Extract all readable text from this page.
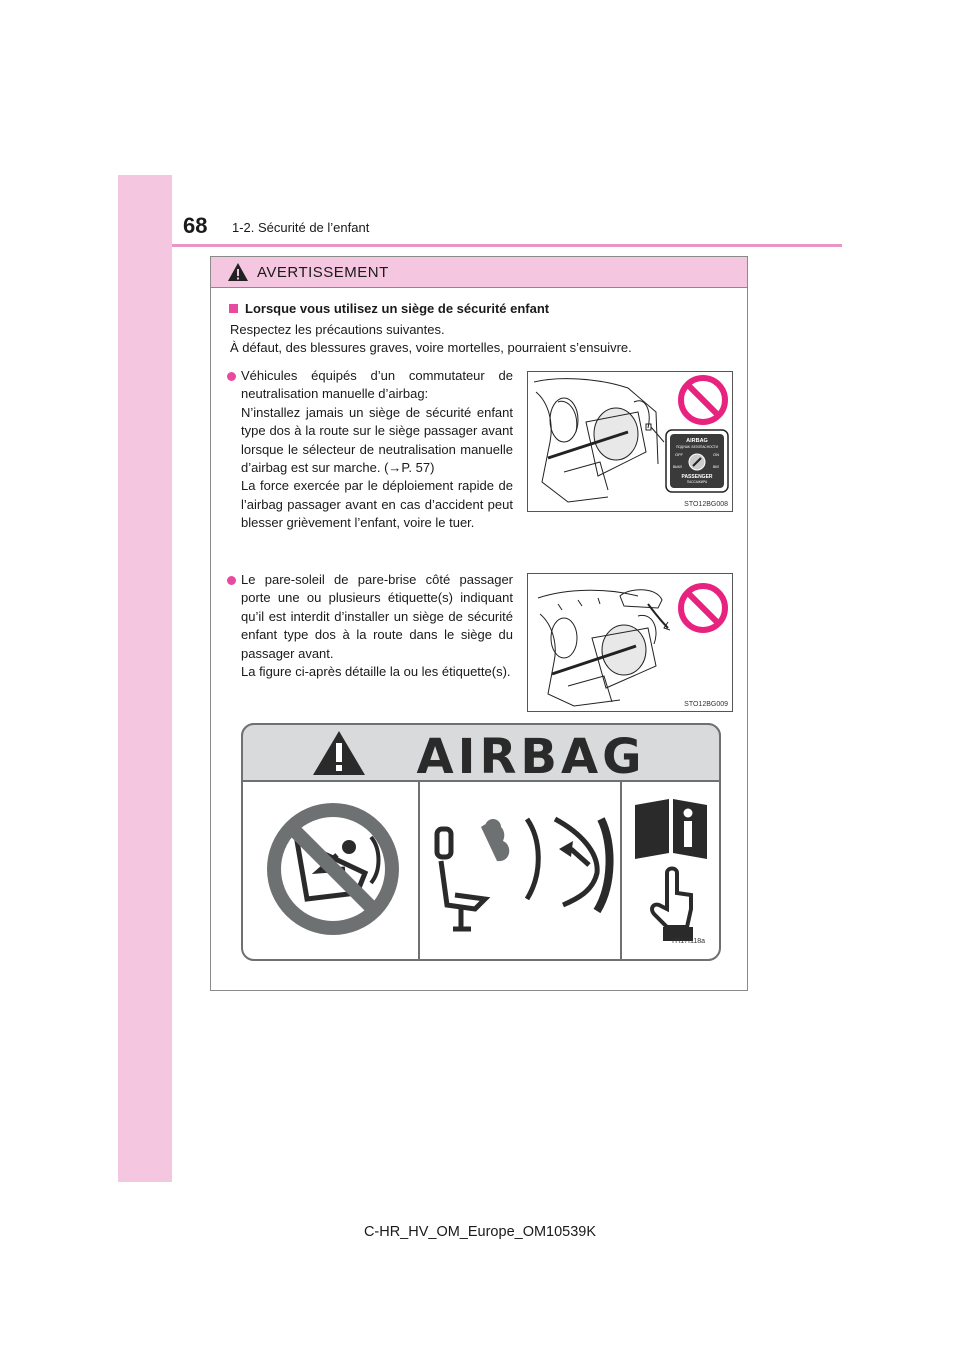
68 1-2. Sécurité de l’enfant
AVERTISSEMENT
Lorsque vous utilisez un siège de sécurité enfant
Respectez les précautions suivantes.
À défaut, des blessures graves, voire mortelles, pourraient s’ensuivre.
Véhicules équipés d’un commutateur de neutralisation manuelle d’airbag:
N’installez jamais un siège de sécurité enfant type dos à la route sur le siège passager avant lorsque le sélecteur de neutralisation manuelle d’airbag est sur marche. (→P. 57)
La force exercée par le déploiement rapide de l’airbag passager avant en cas d’accident peut blesser grièvement l’enfant, voire le tuer.
AIRBAG
ПОДУШК. БЕЗОПАСНОСТИ
OFF	ON
ВЫКЛ	ВКЛ
PASSENGER
ПАССАЖИРА
STO12BG008
Le pare-soleil de pare-brise côté passager porte une ou plusieurs étiquette(s) indiquant qu’il est interdit d’installer un siège de sécurité enfant type dos à la route dans le siège du passager avant.
La figure ci-après détaille la ou les étiquette(s).
STO12BG009
AIRBAG
ITI17I118a
C-HR_HV_OM_Europe_OM10539K
